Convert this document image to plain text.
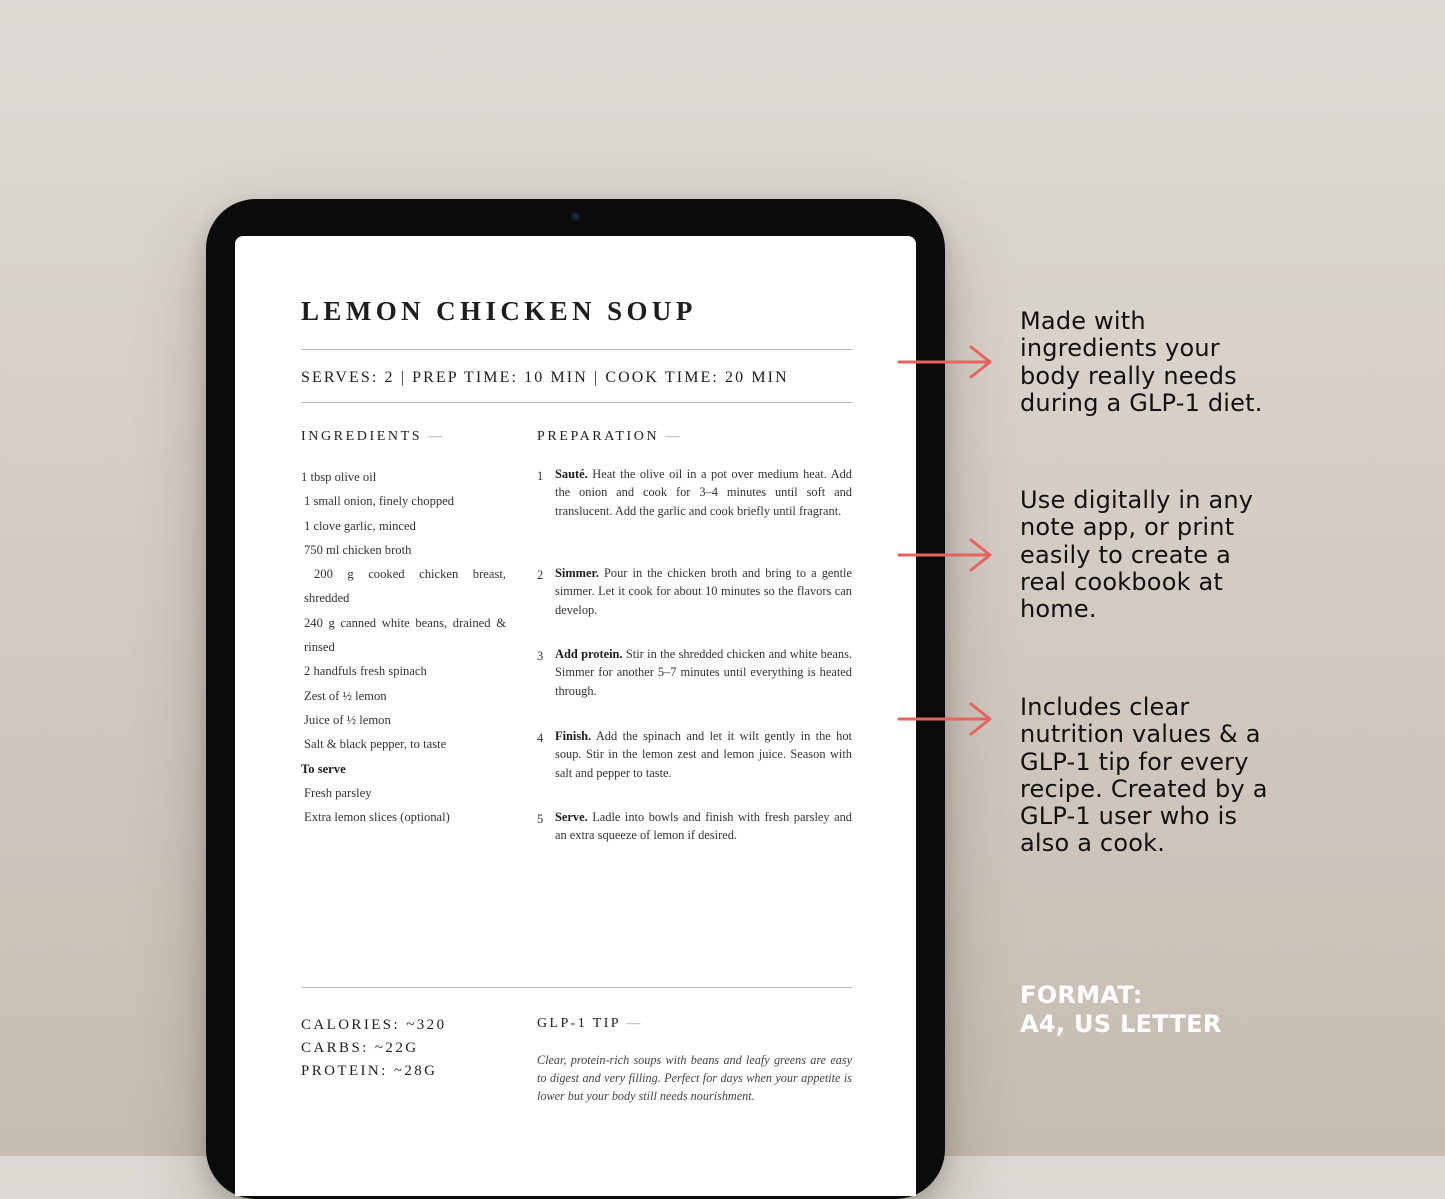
LEMON CHICKEN SOUP
SERVES: 2 | PREP TIME: 10 MIN | COOK TIME: 20 MIN
INGREDIENTS —	PREPARATION —
1 tbsp olive oil
1 small onion, finely chopped
1 clove garlic, minced
750 ml chicken broth
200 g cooked chicken breast, shredded
240 g canned white beans, drained & rinsed
2 handfuls fresh spinach
Zest of ½ lemon
Juice of ½ lemon
Salt & black pepper, to taste
To serve
Fresh parsley
Extra lemon slices (optional)
1 Sauté. Heat the olive oil in a pot over medium heat. Add the onion and cook for 3–4 minutes until soft and translucent. Add the garlic and cook briefly until fragrant.
2 Simmer. Pour in the chicken broth and bring to a gentle simmer. Let it cook for about 10 minutes so the flavors can develop.
3 Add protein. Stir in the shredded chicken and white beans. Simmer for another 5–7 minutes until everything is heated through.
4 Finish. Add the spinach and let it wilt gently in the hot soup. Stir in the lemon zest and lemon juice. Season with salt and pepper to taste.
5 Serve. Ladle into bowls and finish with fresh parsley and an extra squeeze of lemon if desired.
CALORIES: ~320
CARBS: ~22G
PROTEIN: ~28G
GLP-1 TIP —
Clear, protein-rich soups with beans and leafy greens are easy to digest and very filling. Perfect for days when your appetite is lower but your body still needs nourishment.
Made with
ingredients your
body really needs
during a GLP-1 diet.
Use digitally in any
note app, or print
easily to create a
real cookbook at
home.
Includes clear
nutrition values & a
GLP-1 tip for every
recipe. Created by a
GLP-1 user who is
also a cook.
FORMAT:
A4, US LETTER
